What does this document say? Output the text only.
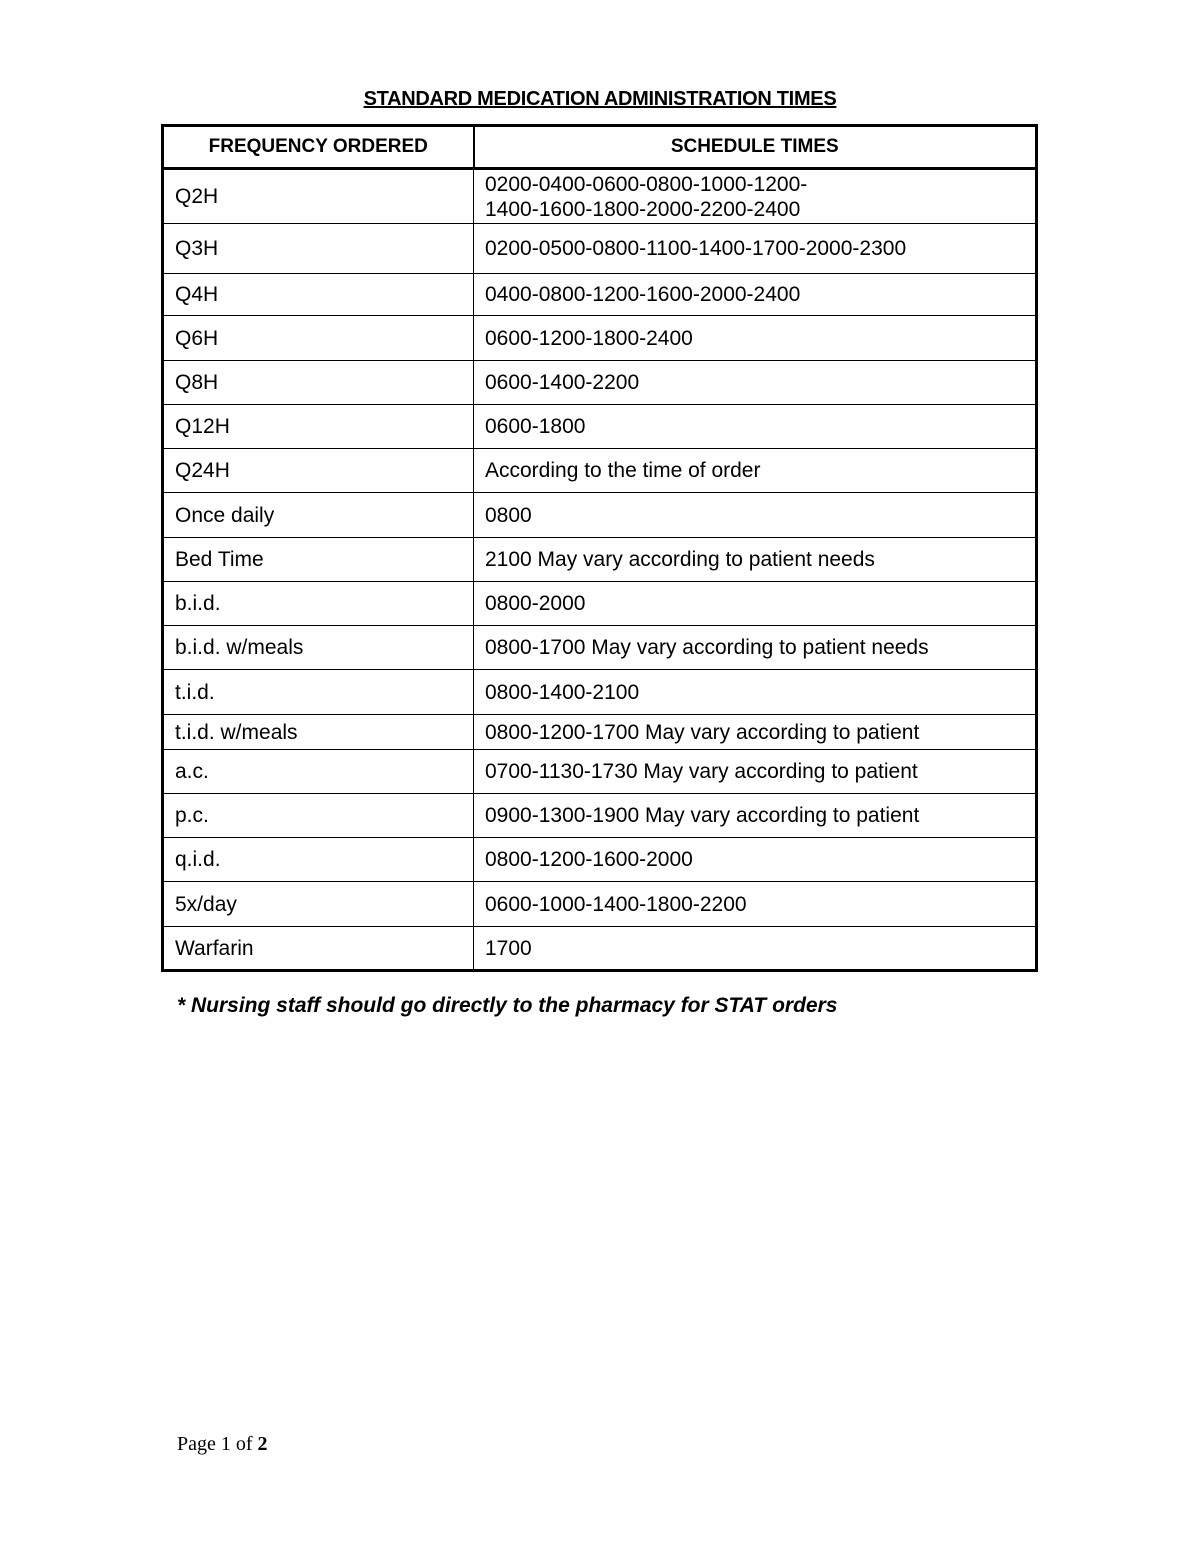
STANDARD MEDICATION ADMINISTRATION TIMES
FREQUENCY ORDERED	SCHEDULE TIMES
Q2H	0200-0400-0600-0800-1000-1200-
1400-1600-1800-2000-2200-2400
Q3H	0200-0500-0800-1100-1400-1700-2000-2300
Q4H	0400-0800-1200-1600-2000-2400
Q6H	0600-1200-1800-2400
Q8H	0600-1400-2200
Q12H	0600-1800
Q24H	According to the time of order
Once daily	0800
Bed Time	2100 May vary according to patient needs
b.i.d.	0800-2000
b.i.d. w/meals	0800-1700 May vary according to patient needs
t.i.d.	0800-1400-2100
t.i.d. w/meals	0800-1200-1700 May vary according to patient
a.c.	0700-1130-1730 May vary according to patient
p.c.	0900-1300-1900 May vary according to patient
q.i.d.	0800-1200-1600-2000
5x/day	0600-1000-1400-1800-2200
Warfarin	1700
* Nursing staff should go directly to the pharmacy for STAT orders
Page 1 of 2
